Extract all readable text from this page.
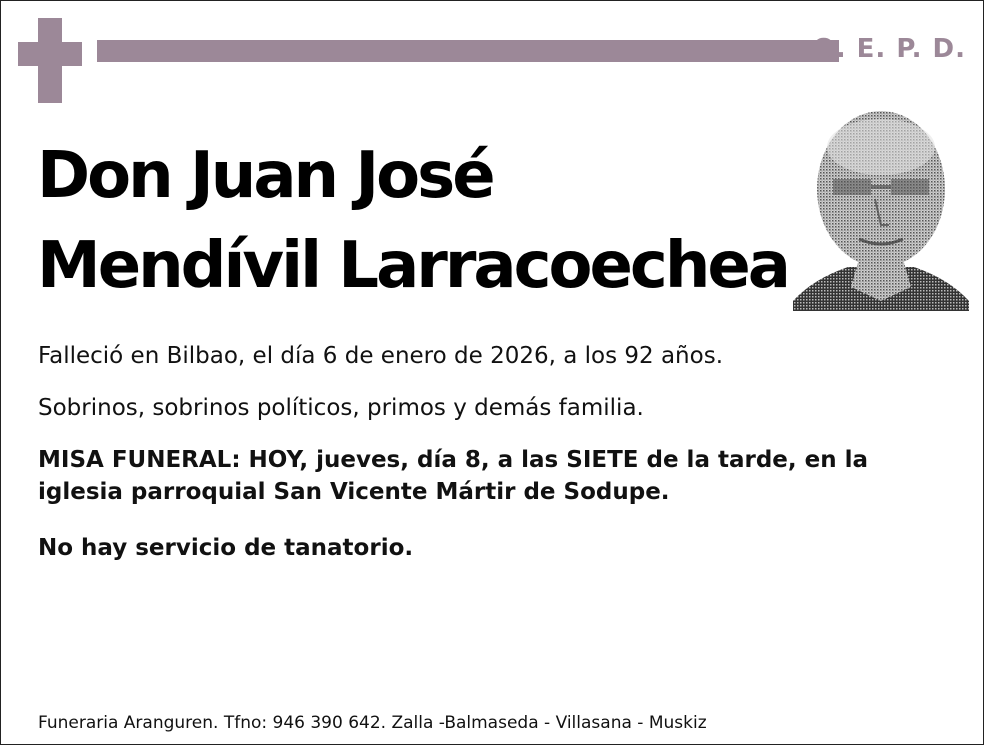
Q. E. P. D.
Don Juan José
Mendívil Larracoechea
Falleció en Bilbao, el día 6 de enero de 2026, a los 92 años.
Sobrinos, sobrinos políticos, primos y demás familia.
MISA FUNERAL: HOY, jueves, día 8, a las SIETE de la tarde, en la
iglesia parroquial San Vicente Mártir de Sodupe.
No hay servicio de tanatorio.
Funeraria Aranguren. Tfno: 946 390 642. Zalla -Balmaseda - Villasana - Muskiz
